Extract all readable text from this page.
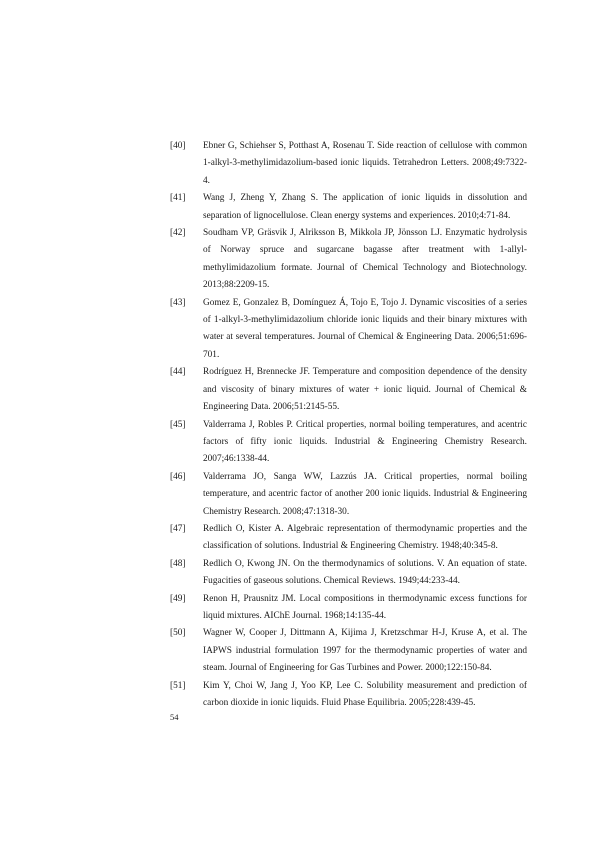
[40] Ebner G, Schiehser S, Potthast A, Rosenau T. Side reaction of cellulose with common 1-alkyl-3-methylimidazolium-based ionic liquids. Tetrahedron Letters. 2008;49:7322-4.
[41] Wang J, Zheng Y, Zhang S. The application of ionic liquids in dissolution and separation of lignocellulose. Clean energy systems and experiences. 2010;4:71-84.
[42] Soudham VP, Gräsvik J, Alriksson B, Mikkola JP, Jönsson LJ. Enzymatic hydrolysis of Norway spruce and sugarcane bagasse after treatment with 1‐allyl‐methylimidazolium formate. Journal of Chemical Technology and Biotechnology. 2013;88:2209-15.
[43] Gomez E, Gonzalez B, Domínguez Á, Tojo E, Tojo J. Dynamic viscosities of a series of 1-alkyl-3-methylimidazolium chloride ionic liquids and their binary mixtures with water at several temperatures. Journal of Chemical & Engineering Data. 2006;51:696-701.
[44] Rodríguez H, Brennecke JF. Temperature and composition dependence of the density and viscosity of binary mixtures of water + ionic liquid. Journal of Chemical & Engineering Data. 2006;51:2145-55.
[45] Valderrama J, Robles P. Critical properties, normal boiling temperatures, and acentric factors of fifty ionic liquids. Industrial & Engineering Chemistry Research. 2007;46:1338-44.
[46] Valderrama JO, Sanga WW, Lazzús JA. Critical properties, normal boiling temperature, and acentric factor of another 200 ionic liquids. Industrial & Engineering Chemistry Research. 2008;47:1318-30.
[47] Redlich O, Kister A. Algebraic representation of thermodynamic properties and the classification of solutions. Industrial & Engineering Chemistry. 1948;40:345-8.
[48] Redlich O, Kwong JN. On the thermodynamics of solutions. V. An equation of state. Fugacities of gaseous solutions. Chemical Reviews. 1949;44:233-44.
[49] Renon H, Prausnitz JM. Local compositions in thermodynamic excess functions for liquid mixtures. AIChE Journal. 1968;14:135-44.
[50] Wagner W, Cooper J, Dittmann A, Kijima J, Kretzschmar H-J, Kruse A, et al. The IAPWS industrial formulation 1997 for the thermodynamic properties of water and steam. Journal of Engineering for Gas Turbines and Power. 2000;122:150-84.
[51] Kim Y, Choi W, Jang J, Yoo KP, Lee C. Solubility measurement and prediction of carbon dioxide in ionic liquids. Fluid Phase Equilibria. 2005;228:439-45.
54
